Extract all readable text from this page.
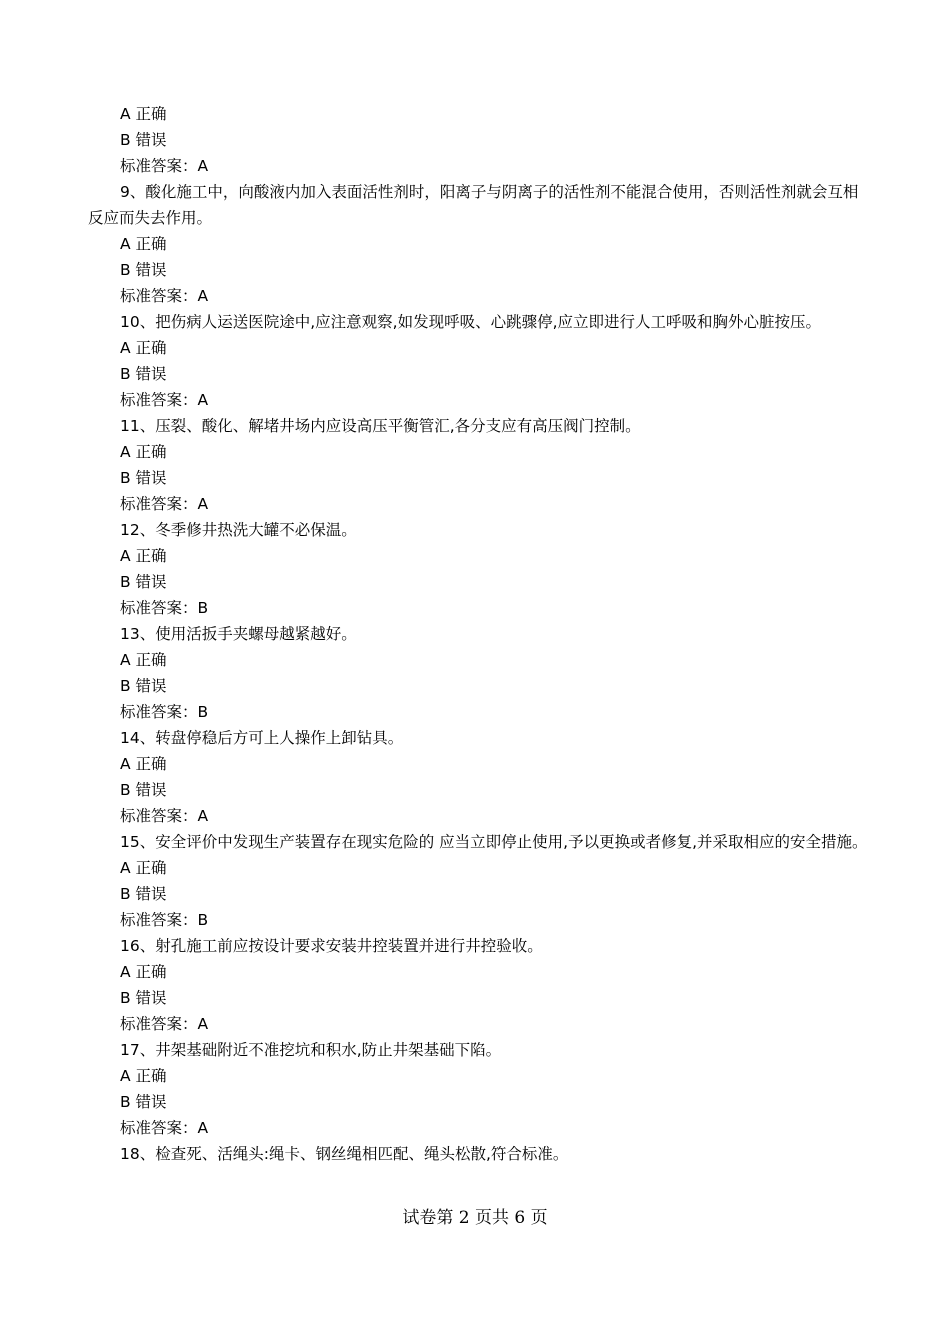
A 正确
B 错误
标准答案：A
9、酸化施工中，向酸液内加入表面活性剂时，阳离子与阴离子的活性剂不能混合使用，否则活性剂就会互相反应而失去作用。
A 正确
B 错误
标准答案：A
10、把伤病人运送医院途中,应注意观察,如发现呼吸、心跳骤停,应立即进行人工呼吸和胸外心脏按压。
A 正确
B 错误
标准答案：A
11、压裂、酸化、解堵井场内应设高压平衡管汇,各分支应有高压阀门控制。
A 正确
B 错误
标准答案：A
12、冬季修井热洗大罐不必保温。
A 正确
B 错误
标准答案：B
13、使用活扳手夹螺母越紧越好。
A 正确
B 错误
标准答案：B
14、转盘停稳后方可上人操作上卸钻具。
A 正确
B 错误
标准答案：A
15、安全评价中发现生产装置存在现实危险的 应当立即停止使用,予以更换或者修复,并采取相应的安全措施。
A 正确
B 错误
标准答案：B
16、射孔施工前应按设计要求安装井控装置并进行井控验收。
A 正确
B 错误
标准答案：A
17、井架基础附近不准挖坑和积水,防止井架基础下陷。
A 正确
B 错误
标准答案：A
18、检查死、活绳头:绳卡、钢丝绳相匹配、绳头松散,符合标准。
试卷第 2 页共 6 页
